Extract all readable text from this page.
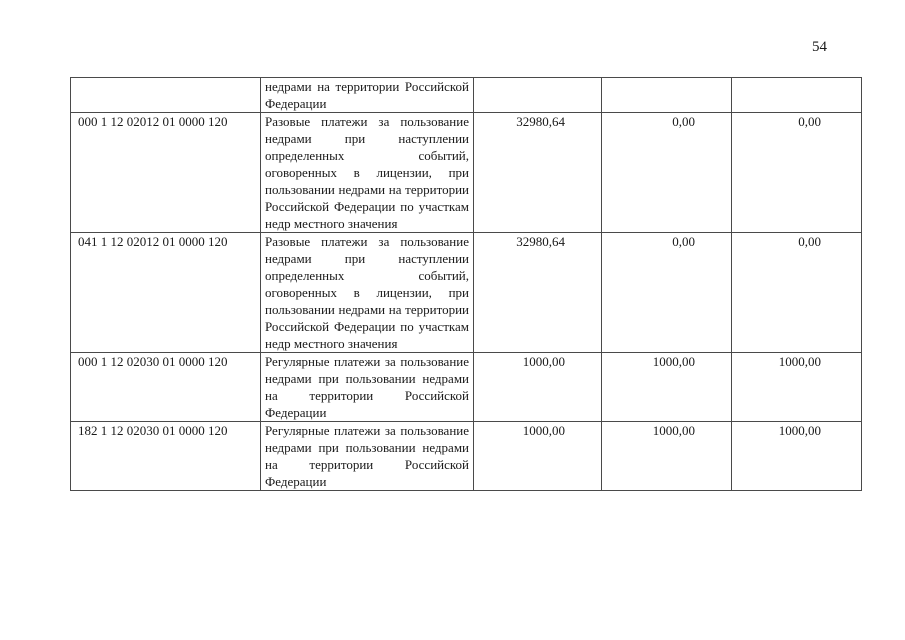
54
	недрами на территории Российской Федерации			
000 1 12 02012 01 0000 120	Разовые платежи за пользование недрами при наступлении определенных событий, оговоренных в лицензии, при пользовании недрами на территории Российской Федерации по участкам недр местного значения	32980,64	0,00	0,00
041 1 12 02012 01 0000 120	Разовые платежи за пользование недрами при наступлении определенных событий, оговоренных в лицензии, при пользовании недрами на территории Российской Федерации по участкам недр местного значения	32980,64	0,00	0,00
000 1 12 02030 01 0000 120	Регулярные платежи за пользование недрами при пользовании недрами на территории Российской Федерации	1000,00	1000,00	1000,00
182 1 12 02030 01 0000 120	Регулярные платежи за пользование недрами при пользовании недрами на территории Российской Федерации	1000,00	1000,00	1000,00
